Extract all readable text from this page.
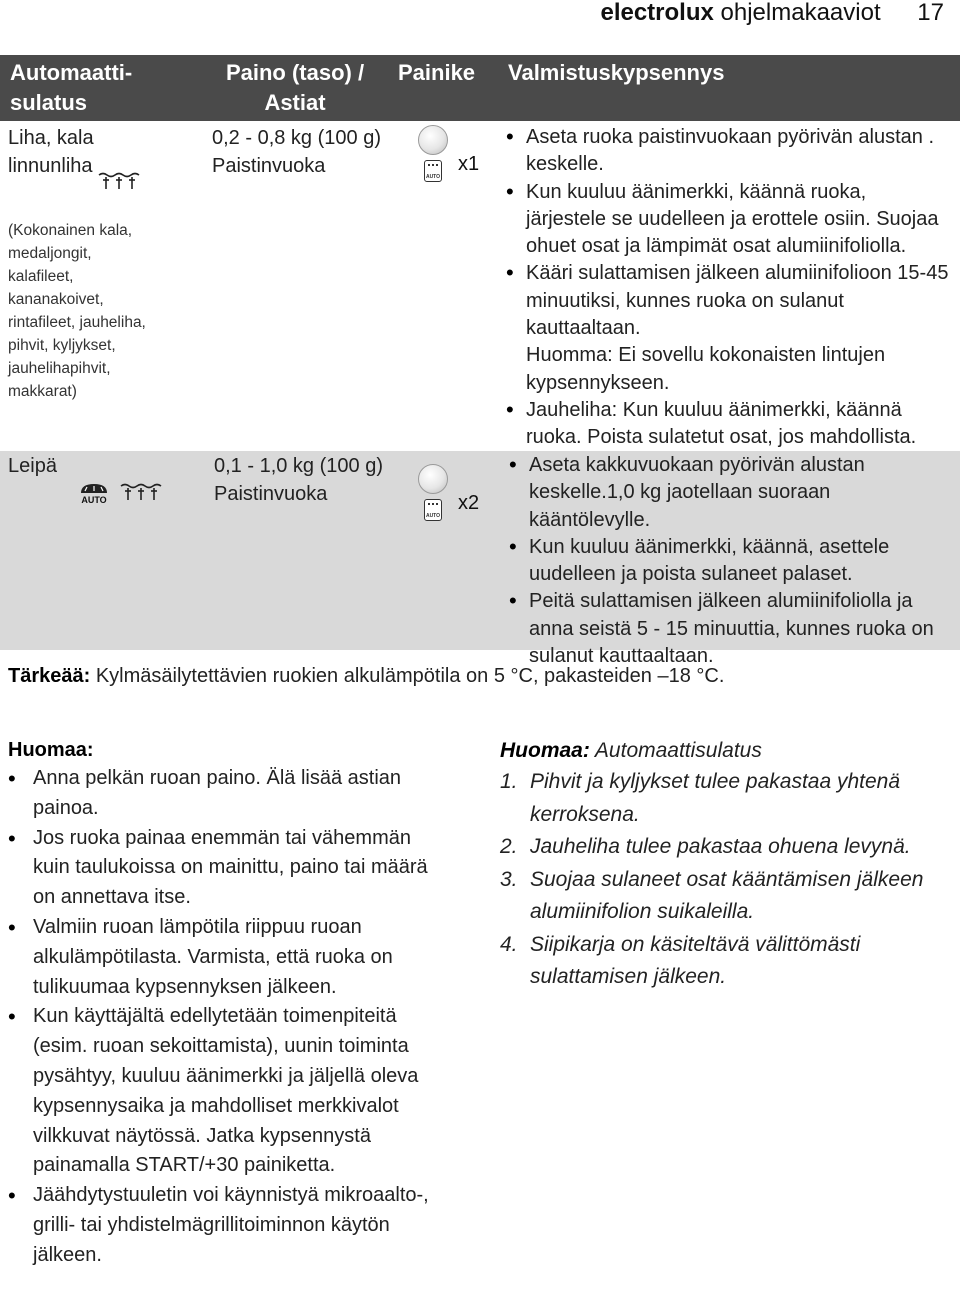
electrolux ohjelmakaaviot 17
Automaatti-
sulatus
Paino (taso) /
Astiat
Painike Valmistuskypsennys
Liha, kala
linnunliha
(Kokonainen kala,
medaljongit,
kalafileet,
kananakoivet,
rintafileet, jauheliha,
pihvit, kyljykset,
jauhelihapihvit,
makkarat)
0,2 - 0,8 kg (100 g)
Paistinvuoka AUTO	x1
• Aseta ruoka paistinvuokaan pyörivän alustan . keskelle.
• Kun kuuluu äänimerkki, käännä ruoka, järjestele se uudelleen ja erottele osiin. Suojaa ohuet osat ja lämpimät osat alumiinifoliolla.
• Kääri sulattamisen jälkeen alumiinifolioon 15-45 minuutiksi, kunnes ruoka on sulanut kauttaaltaan.
Huomma: Ei sovellu kokonaisten lintujen kypsennykseen.
• Jauheliha: Kun kuuluu äänimerkki, käännä ruoka. Poista sulatetut osat, jos mahdollista.
Leipä
AUTO
0,1 - 1,0 kg (100 g)
Paistinvuoka AUTO	x2
• Aseta kakkuvuokaan pyörivän alustan keskelle.1,0 kg jaotellaan suoraan kääntölevylle.
• Kun kuuluu äänimerkki, käännä, asettele uudelleen ja poista sulaneet palaset.
• Peitä sulattamisen jälkeen alumiinifoliolla ja anna seistä 5 - 15 minuuttia, kunnes ruoka on sulanut kauttaaltaan.
Tärkeää: Kylmäsäilytettävien ruokien alkulämpötila on 5 °C, pakasteiden –18 °C.
Huomaa:
• Anna pelkän ruoan paino. Älä lisää astian painoa.
• Jos ruoka painaa enemmän tai vähemmän kuin taulukoissa on mainittu, paino tai määrä on annettava itse.
• Valmiin ruoan lämpötila riippuu ruoan alkulämpötilasta. Varmista, että ruoka on tulikuumaa kypsennyksen jälkeen.
• Kun käyttäjältä edellytetään toimenpiteitä (esim. ruoan sekoittamista), uunin toiminta pysähtyy, kuuluu äänimerkki ja jäljellä oleva kypsennysaika ja mahdolliset merkkivalot vilkkuvat näytössä. Jatka kypsennystä painamalla START/+30 painiketta.
• Jäähdytystuuletin voi käynnistyä mikroaalto-, grilli- tai yhdistelmägrillitoiminnon käytön jälkeen.
Huomaa: Automaattisulatus
1. Pihvit ja kyljykset tulee pakastaa yhtenä kerroksena.
2. Jauheliha tulee pakastaa ohuena levynä.
3. Suojaa sulaneet osat kääntämisen jälkeen alumiinifolion suikaleilla.
4. Siipikarja on käsiteltävä välittömästi sulattamisen jälkeen.
